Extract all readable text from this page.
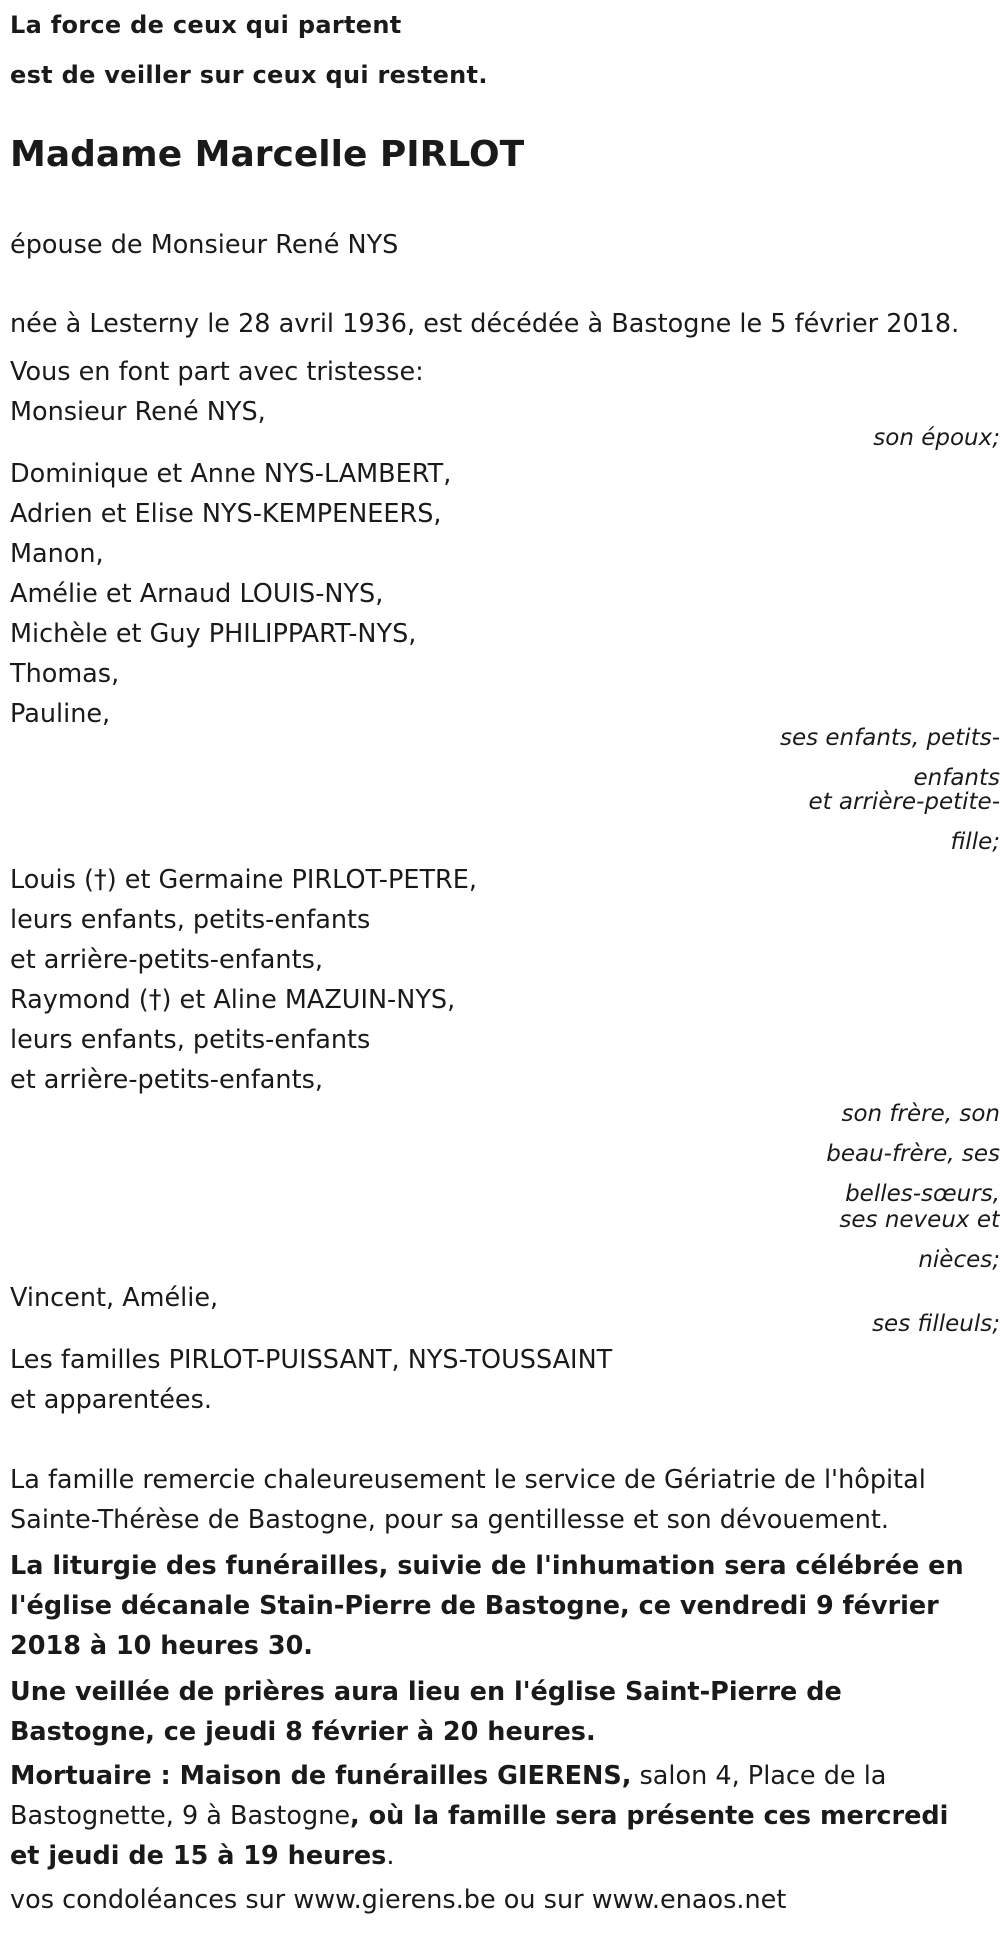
La force de ceux qui partent
est de veiller sur ceux qui restent.
Madame Marcelle PIRLOT
épouse de Monsieur René NYS
née à Lesterny le 28 avril 1936, est décédée à Bastogne le 5 février 2018.
Vous en font part avec tristesse:
Monsieur René NYS,
son époux;
Dominique et Anne NYS-LAMBERT,
Adrien et Elise NYS-KEMPENEERS,
Manon,
Amélie et Arnaud LOUIS-NYS,
Michèle et Guy PHILIPPART-NYS,
Thomas,
Pauline,
ses enfants, petits-
enfants
et arrière-petite-
fille;
Louis (†) et Germaine PIRLOT-PETRE,
leurs enfants, petits-enfants
et arrière-petits-enfants,
Raymond (†) et Aline MAZUIN-NYS,
leurs enfants, petits-enfants
et arrière-petits-enfants,
son frère, son
beau-frère, ses
belles-sœurs,
ses neveux et
nièces;
Vincent, Amélie,
ses filleuls;
Les familles PIRLOT-PUISSANT, NYS-TOUSSAINT
et apparentées.
La famille remercie chaleureusement le service de Gériatrie de l'hôpital Sainte-Thérèse de Bastogne, pour sa gentillesse et son dévouement.
La liturgie des funérailles, suivie de l'inhumation sera célébrée en l'église décanale Stain-Pierre de Bastogne, ce vendredi 9 février 2018 à 10 heures 30.
Une veillée de prières aura lieu en l'église Saint-Pierre de Bastogne, ce jeudi 8 février à 20 heures.
Mortuaire : Maison de funérailles GIERENS, salon 4, Place de la Bastognette, 9 à Bastogne, où la famille sera présente ces mercredi et jeudi de 15 à 19 heures.
vos condoléances sur www.gierens.be ou sur www.enaos.net
